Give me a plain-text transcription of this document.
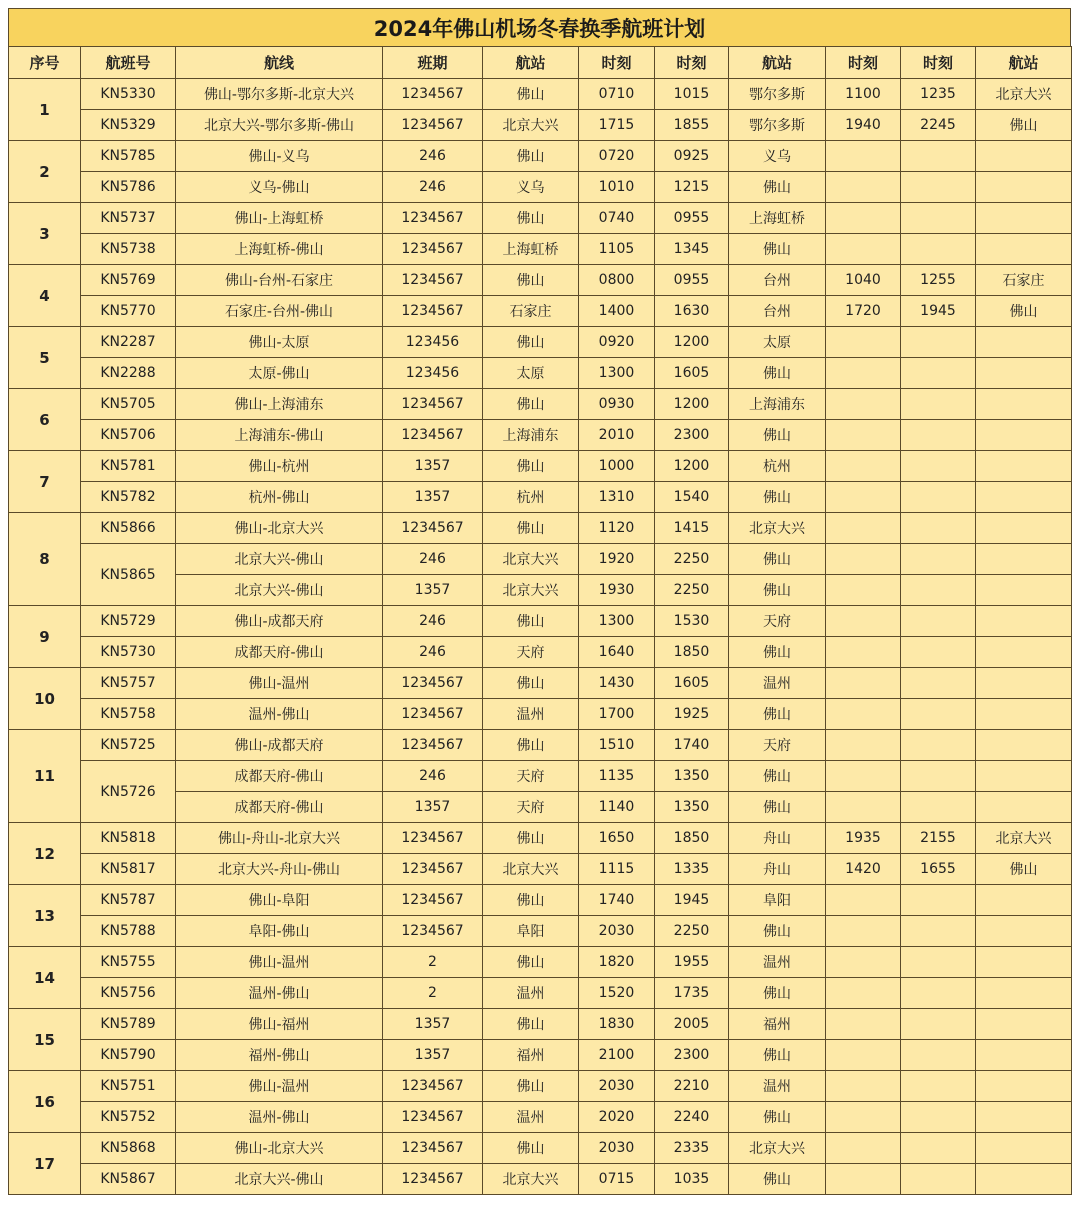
2024年佛山机场冬春换季航班计划
序号	航班号	航线	班期	航站	时刻	时刻	航站	时刻	时刻	航站
1	KN5330	佛山-鄂尔多斯-北京大兴	1234567	佛山	0710	1015	鄂尔多斯	1100	1235	北京大兴
	KN5329	北京大兴-鄂尔多斯-佛山	1234567	北京大兴	1715	1855	鄂尔多斯	1940	2245	佛山
2	KN5785	佛山-义乌	246	佛山	0720	0925	义乌			
	KN5786	义乌-佛山	246	义乌	1010	1215	佛山			
3	KN5737	佛山-上海虹桥	1234567	佛山	0740	0955	上海虹桥			
	KN5738	上海虹桥-佛山	1234567	上海虹桥	1105	1345	佛山			
4	KN5769	佛山-台州-石家庄	1234567	佛山	0800	0955	台州	1040	1255	石家庄
	KN5770	石家庄-台州-佛山	1234567	石家庄	1400	1630	台州	1720	1945	佛山
5	KN2287	佛山-太原	123456	佛山	0920	1200	太原			
	KN2288	太原-佛山	123456	太原	1300	1605	佛山			
6	KN5705	佛山-上海浦东	1234567	佛山	0930	1200	上海浦东			
	KN5706	上海浦东-佛山	1234567	上海浦东	2010	2300	佛山			
7	KN5781	佛山-杭州	1357	佛山	1000	1200	杭州			
	KN5782	杭州-佛山	1357	杭州	1310	1540	佛山			
8	KN5866	佛山-北京大兴	1234567	佛山	1120	1415	北京大兴			
	KN5865	北京大兴-佛山	246	北京大兴	1920	2250	佛山			
		北京大兴-佛山	1357	北京大兴	1930	2250	佛山			
9	KN5729	佛山-成都天府	246	佛山	1300	1530	天府			
	KN5730	成都天府-佛山	246	天府	1640	1850	佛山			
10	KN5757	佛山-温州	1234567	佛山	1430	1605	温州			
	KN5758	温州-佛山	1234567	温州	1700	1925	佛山			
11	KN5725	佛山-成都天府	1234567	佛山	1510	1740	天府			
	KN5726	成都天府-佛山	246	天府	1135	1350	佛山			
		成都天府-佛山	1357	天府	1140	1350	佛山			
12	KN5818	佛山-舟山-北京大兴	1234567	佛山	1650	1850	舟山	1935	2155	北京大兴
	KN5817	北京大兴-舟山-佛山	1234567	北京大兴	1115	1335	舟山	1420	1655	佛山
13	KN5787	佛山-阜阳	1234567	佛山	1740	1945	阜阳			
	KN5788	阜阳-佛山	1234567	阜阳	2030	2250	佛山			
14	KN5755	佛山-温州	2	佛山	1820	1955	温州			
	KN5756	温州-佛山	2	温州	1520	1735	佛山			
15	KN5789	佛山-福州	1357	佛山	1830	2005	福州			
	KN5790	福州-佛山	1357	福州	2100	2300	佛山			
16	KN5751	佛山-温州	1234567	佛山	2030	2210	温州			
	KN5752	温州-佛山	1234567	温州	2020	2240	佛山			
17	KN5868	佛山-北京大兴	1234567	佛山	2030	2335	北京大兴			
	KN5867	北京大兴-佛山	1234567	北京大兴	0715	1035	佛山			
